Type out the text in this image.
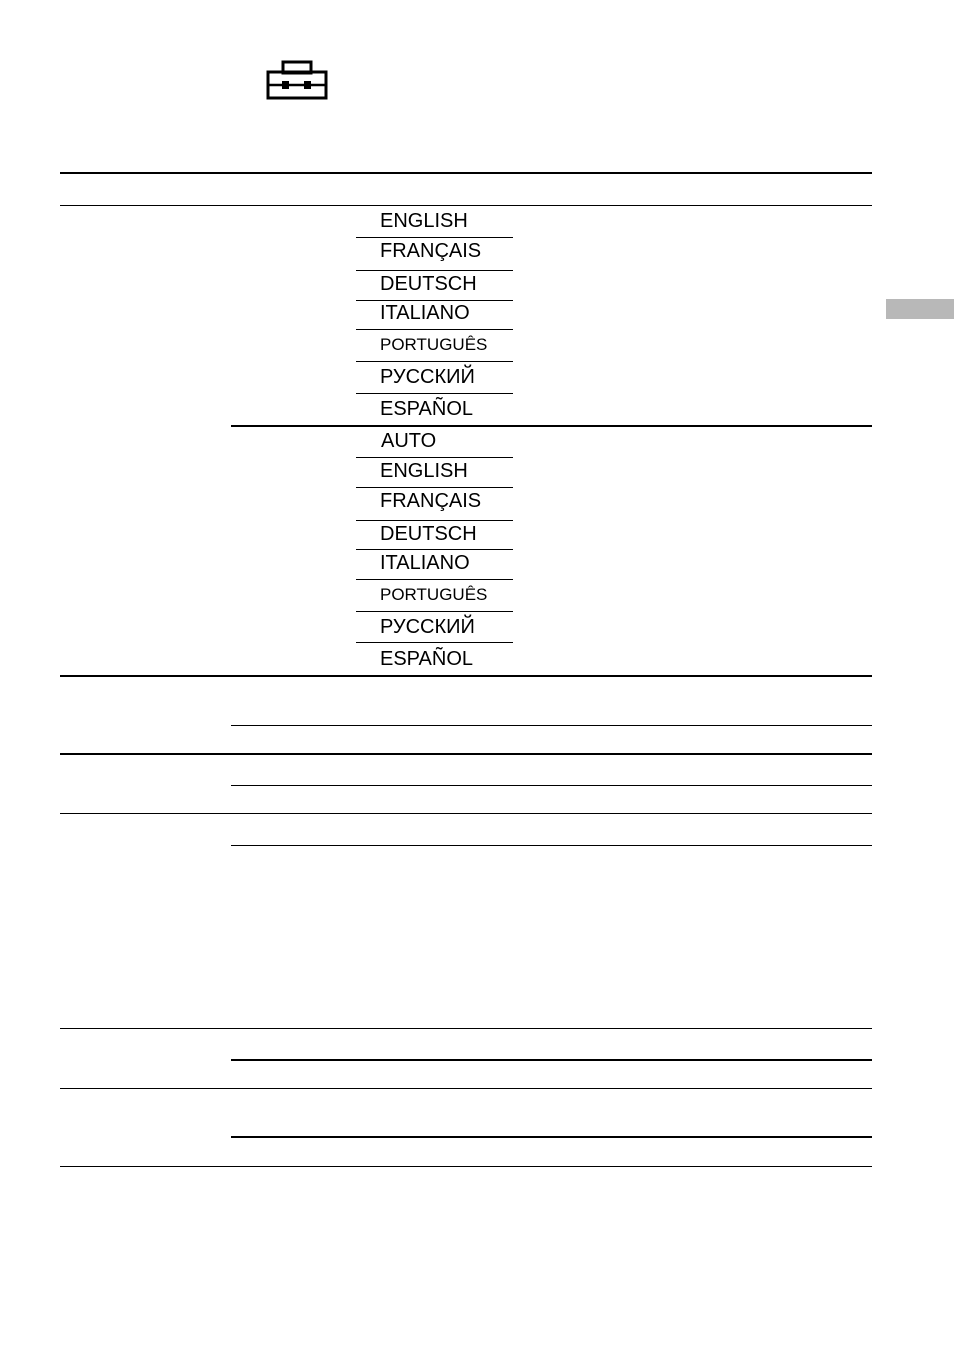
ENGLISH
FRANÇAIS
DEUTSCH
ITALIANO
PORTUGUÊS
РУССКИЙ
ESPAÑOL
AUTO
ENGLISH
FRANÇAIS
DEUTSCH
ITALIANO
PORTUGUÊS
РУССКИЙ
ESPAÑOL
